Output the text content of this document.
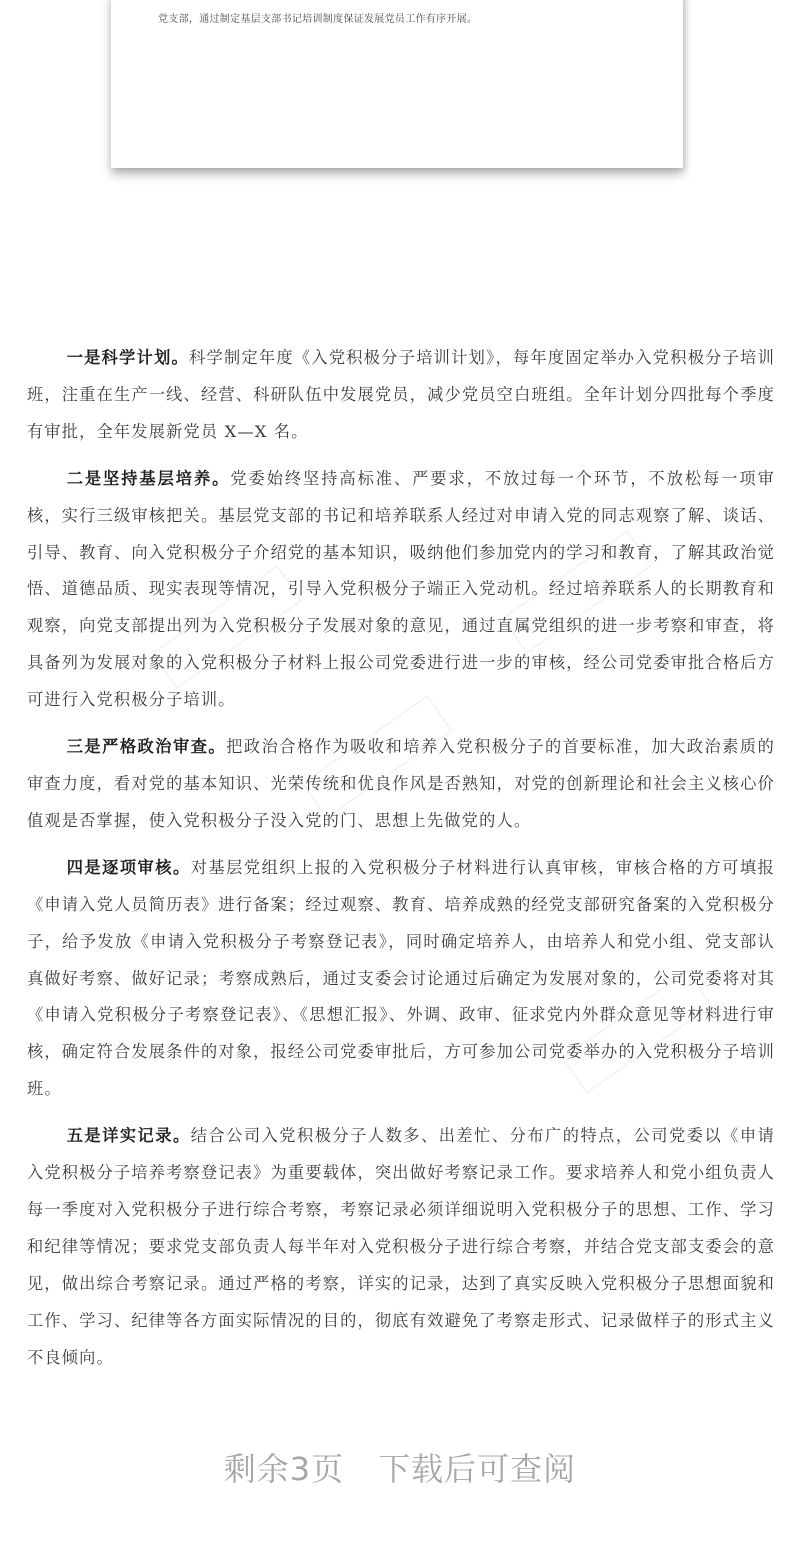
党支部，通过制定基层支部书记培训制度保证发展党员工作有序开展。

一是科学计划。科学制定年度《入党积极分子培训计划》，每年度固定举办入党积极分子培训班，注重在生产一线、经营、科研队伍中发展党员，减少党员空白班组。全年计划分四批每个季度有审批，全年发展新党员 X—X 名。

二是坚持基层培养。党委始终坚持高标准、严要求，不放过每一个环节，不放松每一项审核，实行三级审核把关。基层党支部的书记和培养联系人经过对申请入党的同志观察了解、谈话、引导、教育、向入党积极分子介绍党的基本知识，吸纳他们参加党内的学习和教育，了解其政治觉悟、道德品质、现实表现等情况，引导入党积极分子端正入党动机。经过培养联系人的长期教育和观察，向党支部提出列为入党积极分子发展对象的意见，通过直属党组织的进一步考察和审查，将具备列为发展对象的入党积极分子材料上报公司党委进行进一步的审核，经公司党委审批合格后方可进行入党积极分子培训。

三是严格政治审查。把政治合格作为吸收和培养入党积极分子的首要标准，加大政治素质的审查力度，看对党的基本知识、光荣传统和优良作风是否熟知，对党的创新理论和社会主义核心价值观是否掌握，使入党积极分子没入党的门、思想上先做党的人。

四是逐项审核。对基层党组织上报的入党积极分子材料进行认真审核，审核合格的方可填报《申请入党人员简历表》进行备案；经过观察、教育、培养成熟的经党支部研究备案的入党积极分子，给予发放《申请入党积极分子考察登记表》，同时确定培养人，由培养人和党小组、党支部认真做好考察、做好记录；考察成熟后，通过支委会讨论通过后确定为发展对象的，公司党委将对其《申请入党积极分子考察登记表》、《思想汇报》、外调、政审、征求党内外群众意见等材料进行审核，确定符合发展条件的对象，报经公司党委审批后，方可参加公司党委举办的入党积极分子培训班。

五是详实记录。结合公司入党积极分子人数多、出差忙、分布广的特点，公司党委以《申请入党积极分子培养考察登记表》为重要载体，突出做好考察记录工作。要求培养人和党小组负责人每一季度对入党积极分子进行综合考察，考察记录必须详细说明入党积极分子的思想、工作、学习和纪律等情况；要求党支部负责人每半年对入党积极分子进行综合考察，并结合党支部支委会的意见，做出综合考察记录。通过严格的考察，详实的记录，达到了真实反映入党积极分子思想面貌和工作、学习、纪律等各方面实际情况的目的，彻底有效避免了考察走形式、记录做样子的形式主义不良倾向。

剩余3页 下载后可查阅
